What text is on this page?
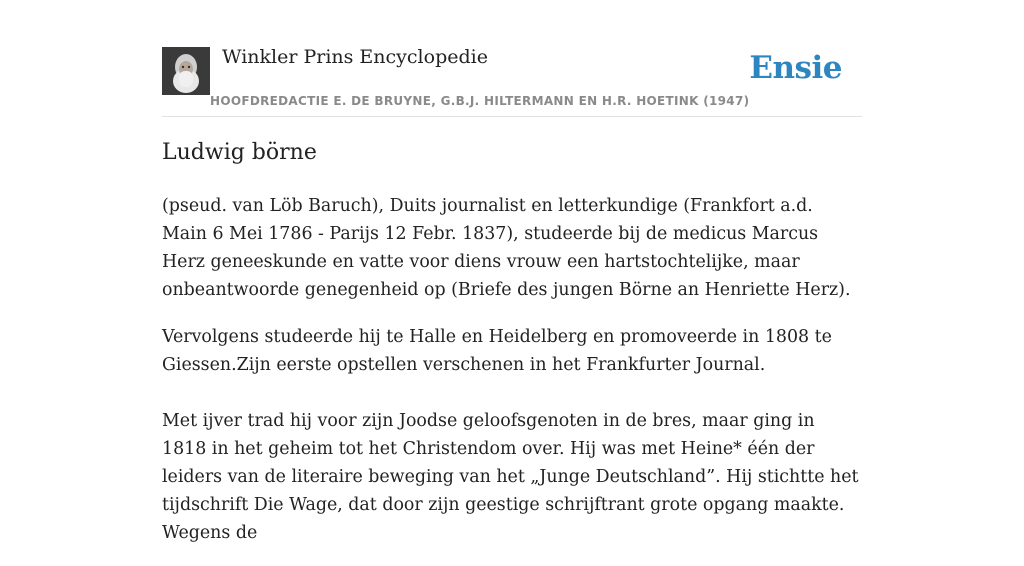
Winkler Prins Encyclopedie
HOOFDREDACTIE E. DE BRUYNE, G.B.J. HILTERMANN EN H.R. HOETINK (1947)
Ensie
Ludwig börne

(pseud. van Löb Baruch), Duits journalist en letterkundige (Frankfort a.d. Main 6 Mei 1786 - Parijs 12 Febr. 1837), studeerde bij de medicus Marcus Herz geneeskunde en vatte voor diens vrouw een hartstochtelijke, maar onbeantwoorde genegenheid op (Briefe des jungen Börne an Henriette Herz).

Vervolgens studeerde hij te Halle en Heidelberg en promoveerde in 1808 te Giessen.Zijn eerste opstellen verschenen in het Frankfurter Journal.

Met ijver trad hij voor zijn Joodse geloofsgenoten in de bres, maar ging in 1818 in het geheim tot het Christendom over. Hij was met Heine* één der leiders van de literaire beweging van het „Junge Deutschland”. Hij stichtte het tijdschrift Die Wage, dat door zijn geestige schrijftrant grote opgang maakte. Wegens de
